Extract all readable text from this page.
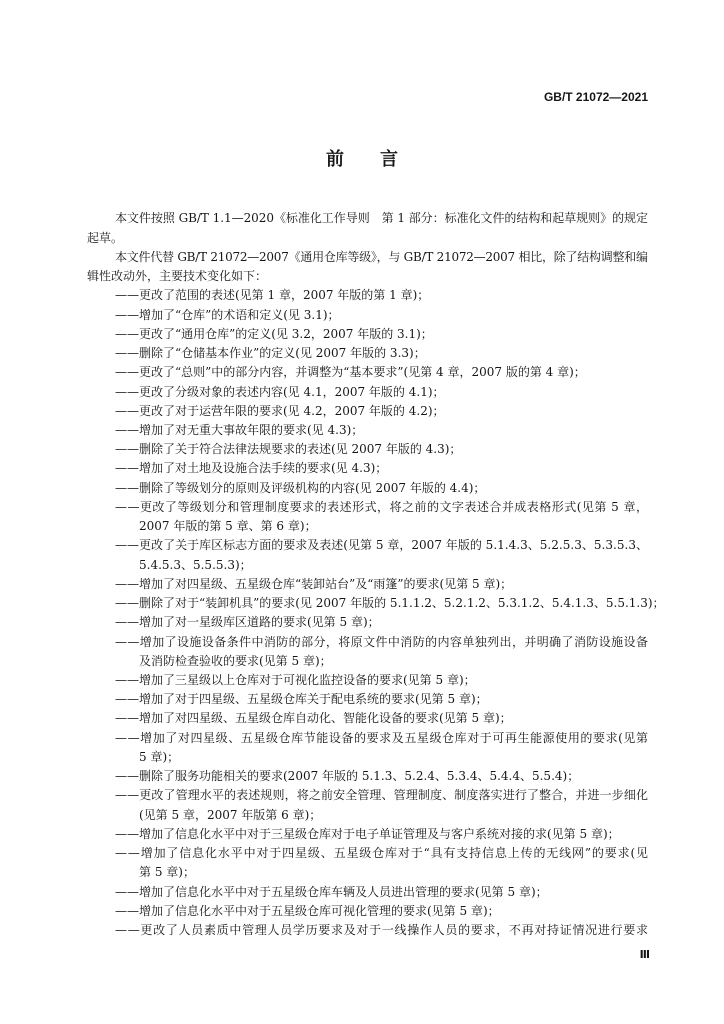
GB/T 21072—2021
前　　言
本文件按照 GB/T 1.1—2020《标准化工作导则　第 1 部分：标准化文件的结构和起草规则》的规定
起草。
本文件代替 GB/T 21072—2007《通用仓库等级》，与 GB/T 21072—2007 相比，除了结构调整和编
辑性改动外，主要技术变化如下：
——更改了范围的表述(见第 1 章，2007 年版的第 1 章)；
——增加了“仓库”的术语和定义(见 3.1)；
——更改了“通用仓库”的定义(见 3.2，2007 年版的 3.1)；
——删除了“仓储基本作业”的定义(见 2007 年版的 3.3)；
——更改了“总则”中的部分内容，并调整为“基本要求”(见第 4 章，2007 版的第 4 章)；
——更改了分级对象的表述内容(见 4.1，2007 年版的 4.1)；
——更改了对于运营年限的要求(见 4.2，2007 年版的 4.2)；
——增加了对无重大事故年限的要求(见 4.3)；
——删除了关于符合法律法规要求的表述(见 2007 年版的 4.3)；
——增加了对土地及设施合法手续的要求(见 4.3)；
——删除了等级划分的原则及评级机构的内容(见 2007 年版的 4.4)；
——更改了等级划分和管理制度要求的表述形式，将之前的文字表述合并成表格形式(见第 5 章，
2007 年版的第 5 章、第 6 章)；
——更改了关于库区标志方面的要求及表述(见第 5 章，2007 年版的 5.1.4.3、5.2.5.3、5.3.5.3、
5.4.5.3、5.5.5.3)；
——增加了对四星级、五星级仓库“装卸站台”及“雨篷”的要求(见第 5 章)；
——删除了对于“装卸机具”的要求(见 2007 年版的 5.1.1.2、5.2.1.2、5.3.1.2、5.4.1.3、5.5.1.3)；
——增加了对一星级库区道路的要求(见第 5 章)；
——增加了设施设备条件中消防的部分，将原文件中消防的内容单独列出，并明确了消防设施设备
及消防检查验收的要求(见第 5 章)；
——增加了三星级以上仓库对于可视化监控设备的要求(见第 5 章)；
——增加了对于四星级、五星级仓库关于配电系统的要求(见第 5 章)；
——增加了对四星级、五星级仓库自动化、智能化设备的要求(见第 5 章)；
——增加了对四星级、五星级仓库节能设备的要求及五星级仓库对于可再生能源使用的要求(见第
5 章)；
——删除了服务功能相关的要求(2007 年版的 5.1.3、5.2.4、5.3.4、5.4.4、5.5.4)；
——更改了管理水平的表述规则，将之前安全管理、管理制度、制度落实进行了整合，并进一步细化
(见第 5 章，2007 年版第 6 章)；
——增加了信息化水平中对于三星级仓库对于电子单证管理及与客户系统对接的求(见第 5 章)；
——增加了信息化水平中对于四星级、五星级仓库对于“具有支持信息上传的无线网”的要求(见
第 5 章)；
——增加了信息化水平中对于五星级仓库车辆及人员进出管理的要求(见第 5 章)；
——增加了信息化水平中对于五星级仓库可视化管理的要求(见第 5 章)；
——更改了人员素质中管理人员学历要求及对于一线操作人员的要求，不再对持证情况进行要求
Ⅲ
